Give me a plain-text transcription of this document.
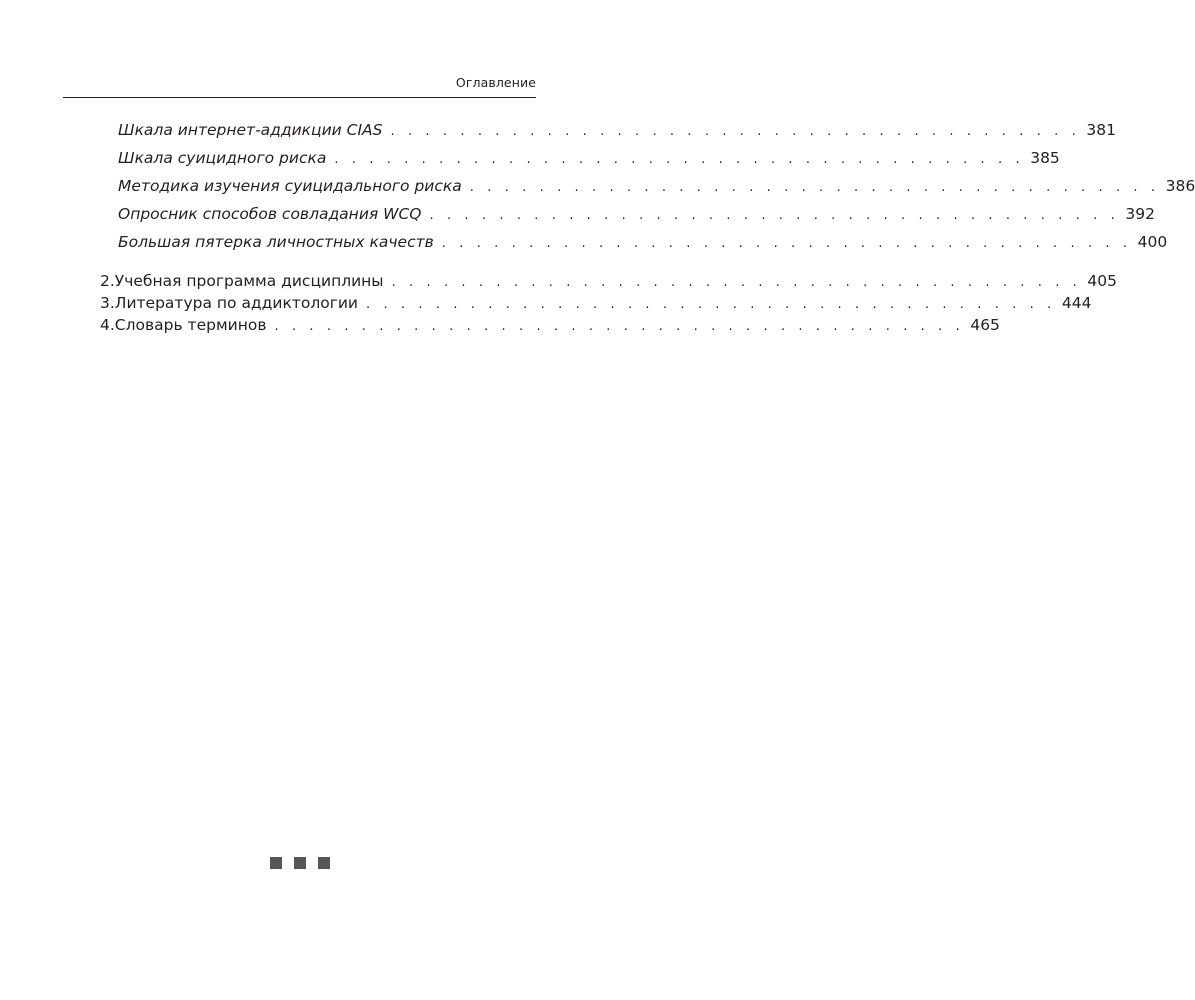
Оглавление
Шкала интернет-аддикции CIAS . . . . . . . . . . . . . . . . . . . . . . . . . . . . . . . . . . . . . . . . 381
Шкала суицидного риска . . . . . . . . . . . . . . . . . . . . . . . . . . . . . . . . . . . . . . . . 385
Методика изучения суицидального риска . . . . . . . . . . . . . . . . . . . . . . . . . . . . . . . . . . . . . . . . 386
Опросник способов совладания WCQ . . . . . . . . . . . . . . . . . . . . . . . . . . . . . . . . . . . . . . . . 392
Большая пятерка личностных качеств . . . . . . . . . . . . . . . . . . . . . . . . . . . . . . . . . . . . . . . . 400
2. Учебная программа дисциплины . . . . . . . . . . . . . . . . . . . . . . . . . . . . . . . . . . . . . . . . 405
3. Литература по аддиктологии . . . . . . . . . . . . . . . . . . . . . . . . . . . . . . . . . . . . . . . . 444
4. Словарь терминов . . . . . . . . . . . . . . . . . . . . . . . . . . . . . . . . . . . . . . . . 465
